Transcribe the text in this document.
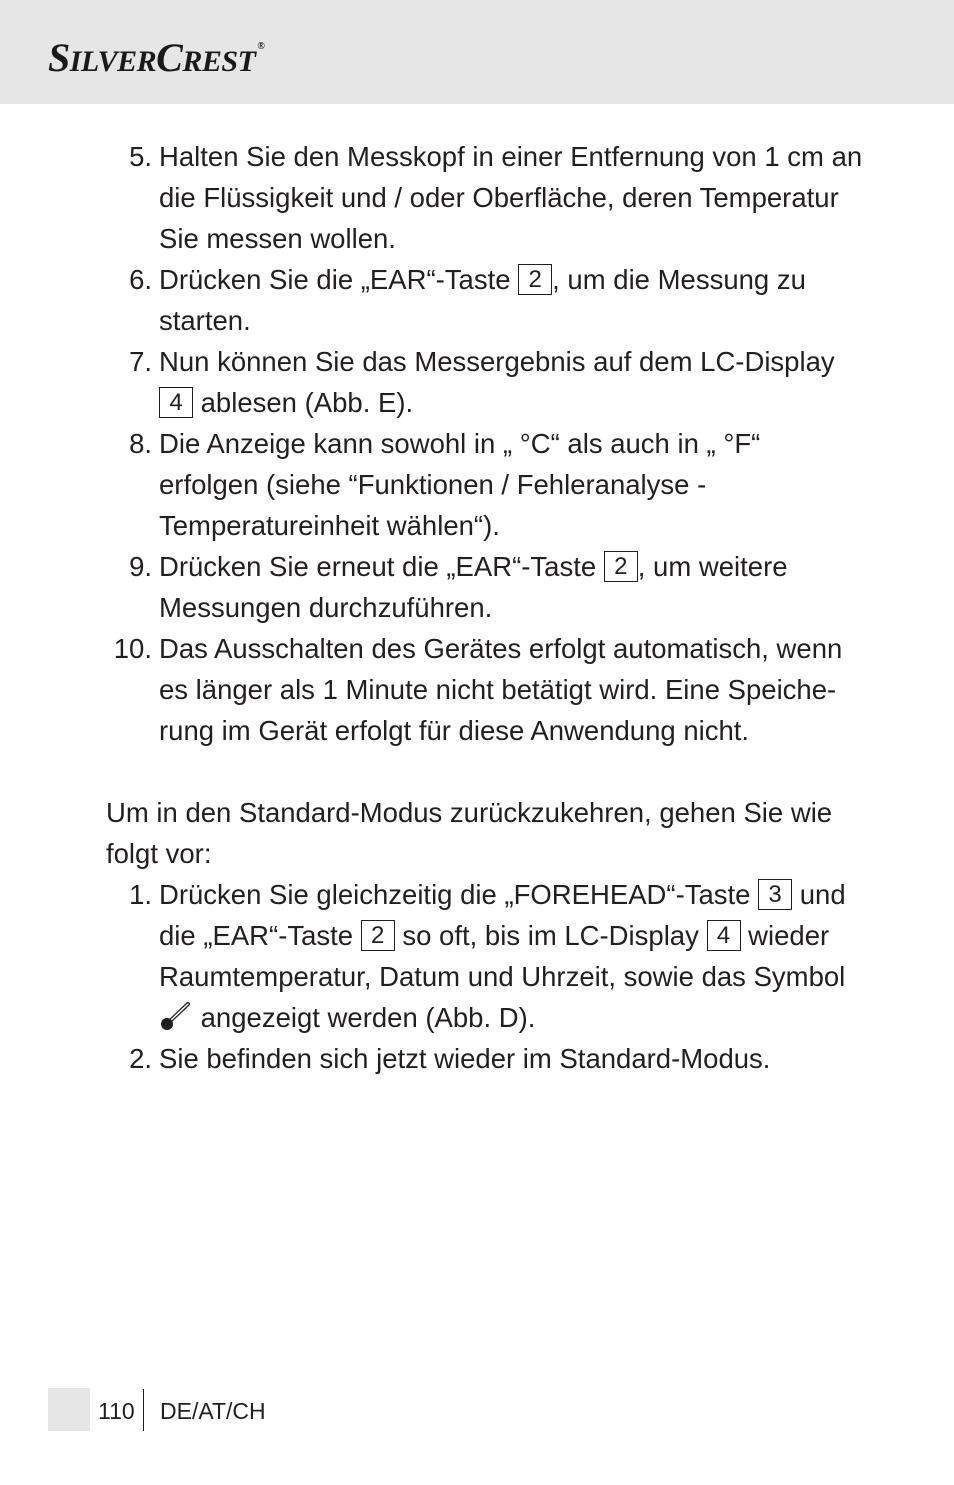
SILVERCREST ®
5. Halten Sie den Messkopf in einer Entfernung von 1 cm an die Flüssigkeit und / oder Oberfläche, deren Temperatur Sie messen wollen.
6. Drücken Sie die „EAR“-Taste 2 , um die Messung zu starten.
7. Nun können Sie das Messergebnis auf dem LC-Display 4 ablesen (Abb. E).
8. Die Anzeige kann sowohl in „ °C“ als auch in „ °F“ erfolgen (siehe “Funktionen / Fehleranalyse - Temperatureinheit wählen“).
9. Drücken Sie erneut die „EAR“-Taste 2 , um weitere Messungen durchzuführen.
10. Das Ausschalten des Gerätes erfolgt automatisch, wenn es länger als 1 Minute nicht betätigt wird. Eine Speiche-rung im Gerät erfolgt für diese Anwendung nicht.

Um in den Standard-Modus zurückzukehren, gehen Sie wie folgt vor:

1. Drücken Sie gleichzeitig die „FOREHEAD“-Taste 3 und die „EAR“-Taste 2 so oft, bis im LC-Display 4 wieder Raumtemperatur, Datum und Uhrzeit, sowie das Symbol  angezeigt werden (Abb. D).
2. Sie befinden sich jetzt wieder im Standard-Modus.
110 DE/AT/CH
